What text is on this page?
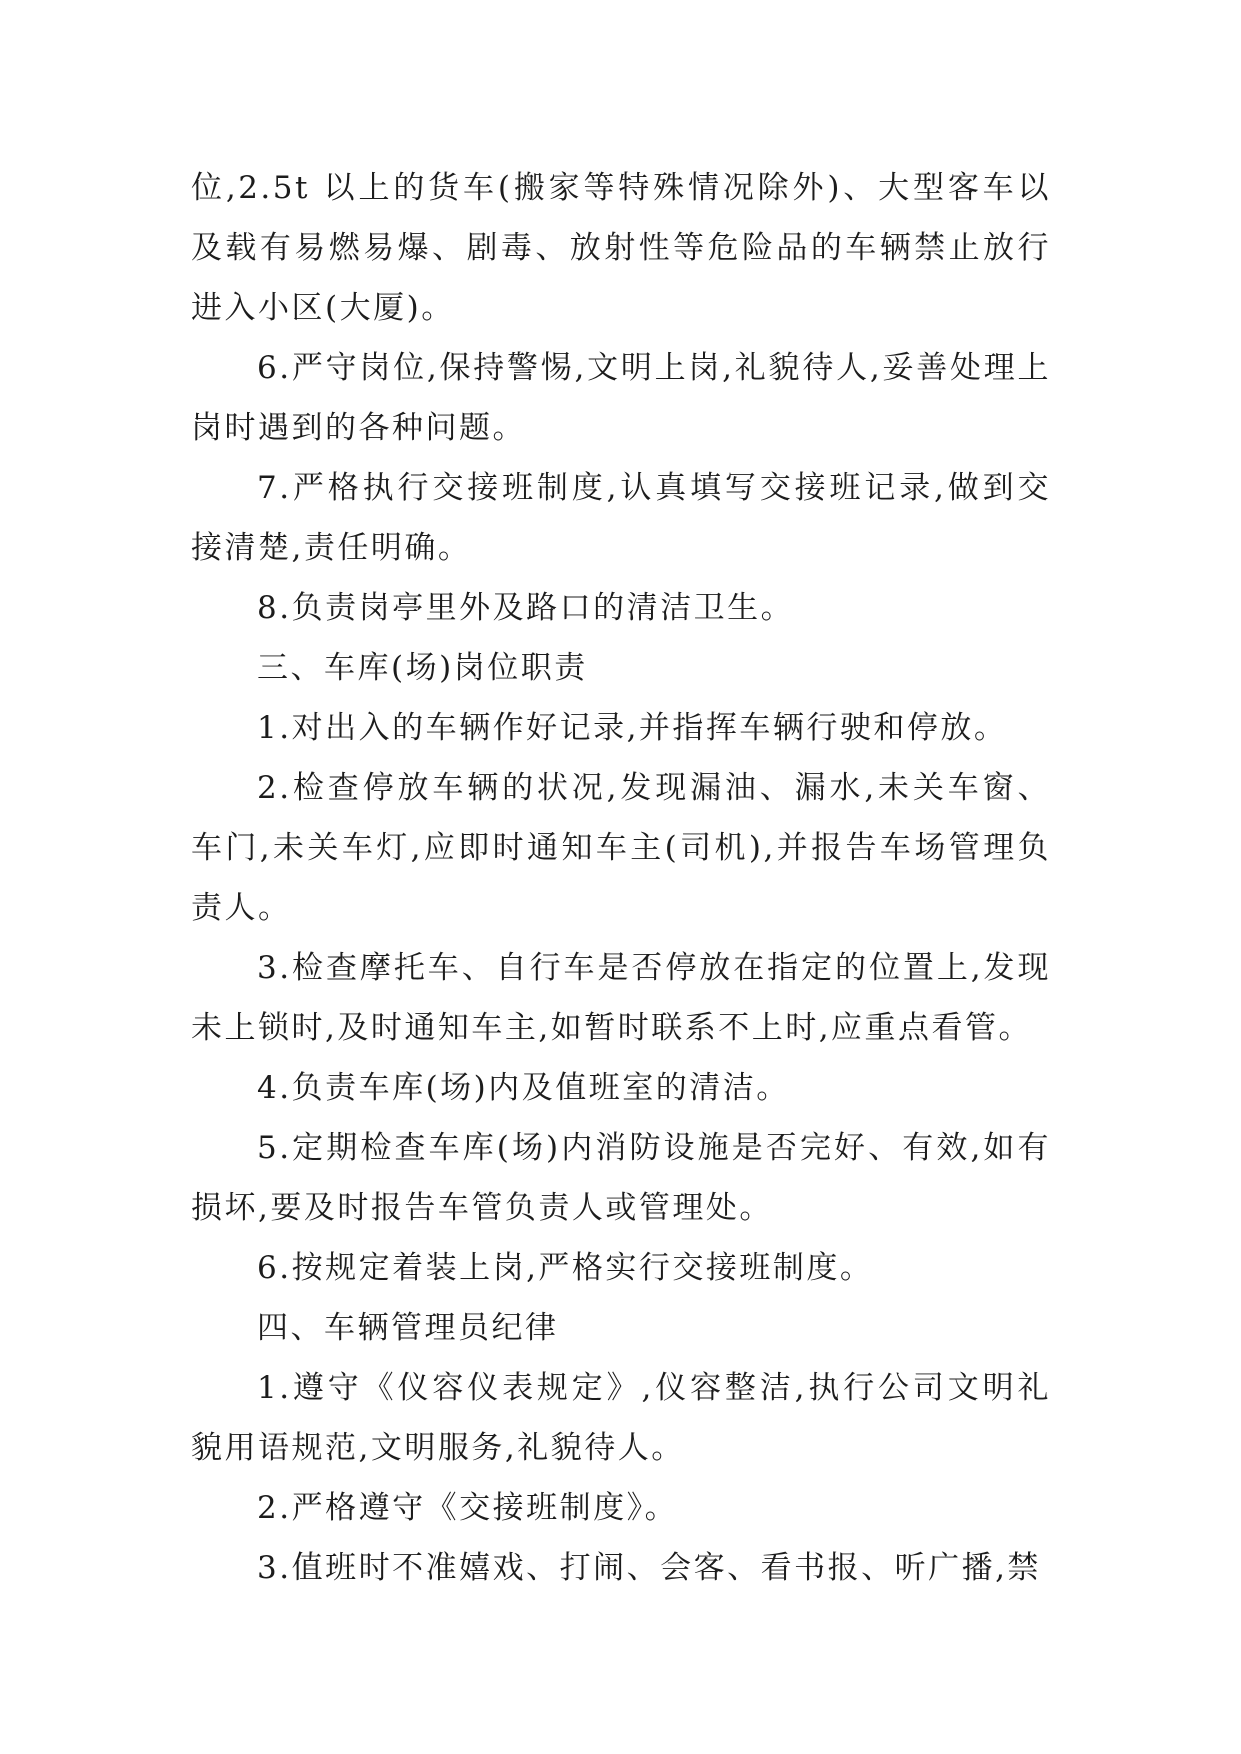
位,2.5t 以上的货车(搬家等特殊情况除外)、大型客车以及载有易燃易爆、剧毒、放射性等危险品的车辆禁止放行进入小区(大厦)。

6.严守岗位,保持警惕,文明上岗,礼貌待人,妥善处理上岗时遇到的各种问题。

7.严格执行交接班制度,认真填写交接班记录,做到交接清楚,责任明确。

8.负责岗亭里外及路口的清洁卫生。

三、车库(场)岗位职责

1.对出入的车辆作好记录,并指挥车辆行驶和停放。

2.检查停放车辆的状况,发现漏油、漏水,未关车窗、车门,未关车灯,应即时通知车主(司机),并报告车场管理负责人。

3.检查摩托车、自行车是否停放在指定的位置上,发现未上锁时,及时通知车主,如暂时联系不上时,应重点看管。

4.负责车库(场)内及值班室的清洁。

5.定期检查车库(场)内消防设施是否完好、有效,如有损坏,要及时报告车管负责人或管理处。

6.按规定着装上岗,严格实行交接班制度。

四、车辆管理员纪律

1.遵守《仪容仪表规定》,仪容整洁,执行公司文明礼貌用语规范,文明服务,礼貌待人。

2.严格遵守《交接班制度》。

3.值班时不准嬉戏、打闹、会客、看书报、听广播,禁
